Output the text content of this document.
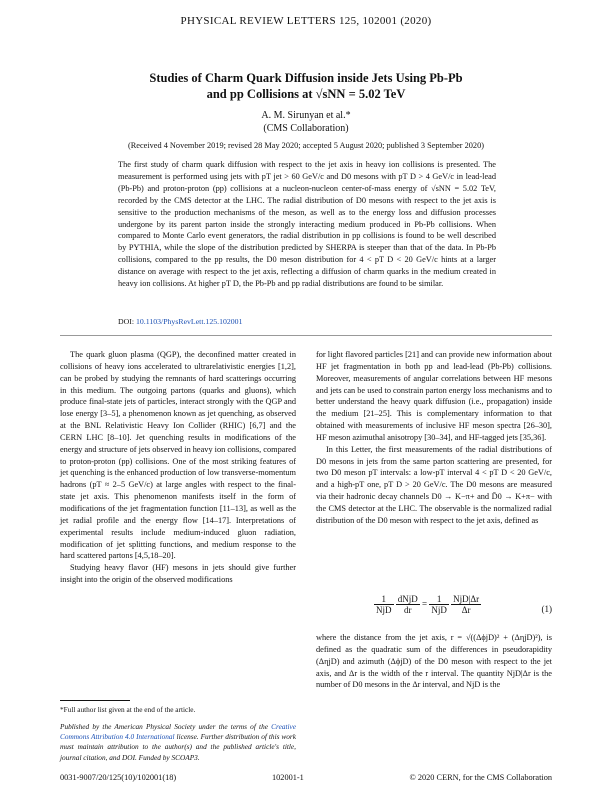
PHYSICAL REVIEW LETTERS 125, 102001 (2020)
Studies of Charm Quark Diffusion inside Jets Using Pb-Pb
and pp Collisions at √sNN = 5.02 TeV
A. M. Sirunyan et al.*
(CMS Collaboration)
(Received 4 November 2019; revised 28 May 2020; accepted 5 August 2020; published 3 September 2020)
The first study of charm quark diffusion with respect to the jet axis in heavy ion collisions is presented. The measurement is performed using jets with pT jet > 60 GeV/c and D0 mesons with pT D > 4 GeV/c in lead-lead (Pb-Pb) and proton-proton (pp) collisions at a nucleon-nucleon center-of-mass energy of √sNN = 5.02 TeV, recorded by the CMS detector at the LHC. The radial distribution of D0 mesons with respect to the jet axis is sensitive to the production mechanisms of the meson, as well as to the energy loss and diffusion processes undergone by its parent parton inside the strongly interacting medium produced in Pb-Pb collisions. When compared to Monte Carlo event generators, the radial distribution in pp collisions is found to be well described by PYTHIA, while the slope of the distribution predicted by SHERPA is steeper than that of the data. In Pb-Pb collisions, compared to the pp results, the D0 meson distribution for 4 < pT D < 20 GeV/c hints at a larger distance on average with respect to the jet axis, reflecting a diffusion of charm quarks in the medium created in heavy ion collisions. At higher pT D, the Pb-Pb and pp radial distributions are found to be similar.
DOI: 10.1103/PhysRevLett.125.102001

The quark gluon plasma (QGP), the deconfined matter created in collisions of heavy ions accelerated to ultrarelativistic energies [1,2], can be probed by studying the remnants of hard scatterings occurring in this medium. The outgoing partons (quarks and gluons), which produce final-state jets of particles, interact strongly with the QGP and lose energy [3–5], a phenomenon known as jet quenching, as observed at the BNL Relativistic Heavy Ion Collider (RHIC) [6,7] and the CERN LHC [8–10]. Jet quenching results in modifications of the energy and structure of jets observed in heavy ion collisions, compared to proton-proton (pp) collisions. One of the most striking features of jet quenching is the enhanced production of low transverse-momentum hadrons (pT ≈ 2–5 GeV/c) at large angles with respect to the final-state jet axis. This phenomenon manifests itself in the form of modifications of the jet fragmentation function [11–13], as well as the jet radial profile and the energy flow [14–17]. Interpretations of experimental results include medium-induced gluon radiation, modification of jet splitting functions, and medium response to the hard scattered partons [4,5,18–20].

Studying heavy flavor (HF) mesons in jets should give further insight into the origin of the observed modifications

for light flavored particles [21] and can provide new information about HF jet fragmentation in both pp and lead-lead (Pb-Pb) collisions. Moreover, measurements of angular correlations between HF mesons and jets can be used to constrain parton energy loss mechanisms and to better understand the heavy quark diffusion (i.e., propagation) inside the medium [21–25]. This is complementary information to that obtained with measurements of inclusive HF meson spectra [26–30], HF meson azimuthal anisotropy [30–34], and HF-tagged jets [35,36].

In this Letter, the first measurements of the radial distributions of D0 mesons in jets from the same parton scattering are presented, for two D0 meson pT intervals: a low-pT interval 4 < pT D < 20 GeV/c, and a high-pT one, pT D > 20 GeV/c. The D0 mesons are measured via their hadronic decay channels D0 → K−π+ and D̄0 → K+π− with the CMS detector at the LHC. The observable is the normalized radial distribution of the D0 meson with respect to the jet axis, defined as

$\frac{1}{\text{NjD}}$
$\frac{\text{dNjD}}{dr} = \frac{1}{\text{NjD}}$
$\frac{\text{NjD|Δr}}{\Delta r}$	(1)

where the distance from the jet axis, r = √((ΔϕjD)² + (ΔηjD)²), is defined as the quadratic sum of the differences in pseudorapidity (ΔηjD) and azimuth (ΔϕjD) of the D0 meson with respect to the jet axis, and Δr is the width of the r interval. The quantity NjD|Δr is the number of D0 mesons in the Δr interval, and NjD is the

*Full author list given at the end of the article.
Published by the American Physical Society under the terms of the Creative Commons Attribution 4.0 International license. Further distribution of this work must maintain attribution to the author(s) and the published article's title, journal citation, and DOI. Funded by SCOAP3.
0031-9007/20/125(10)/102001(18)	102001-1	© 2020 CERN, for the CMS Collaboration
